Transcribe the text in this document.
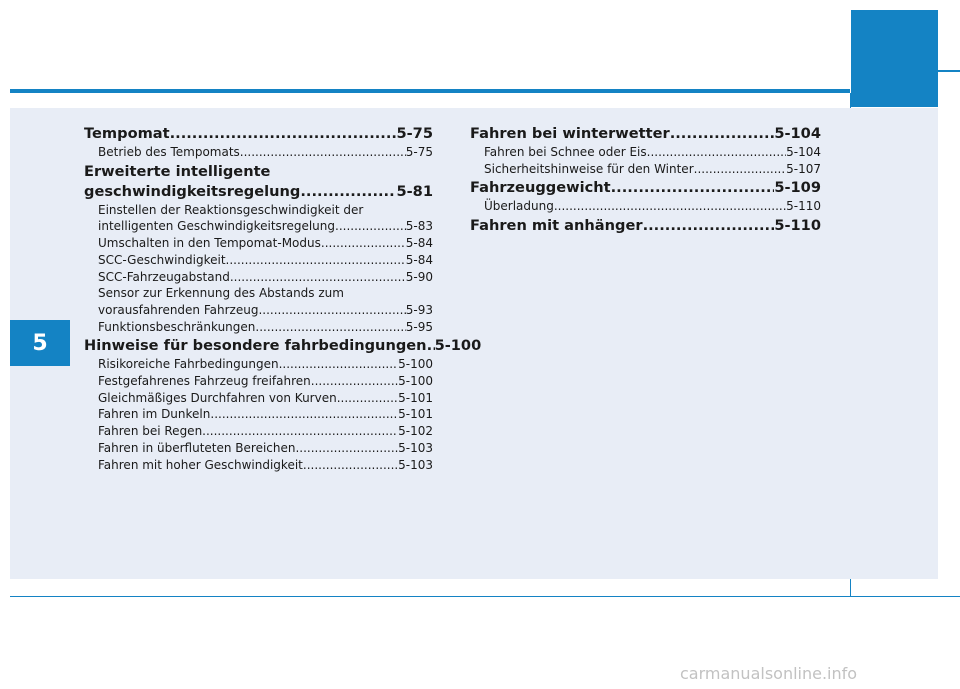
5
Tempomat .....	5-75
Betrieb des Tempomats .....	5-75
Erweiterte intelligente
geschwindigkeitsregelung .....	5-81
Einstellen der Reaktionsgeschwindigkeit der
intelligenten Geschwindigkeitsregelung .....	5-83
Umschalten in den Tempomat-Modus .....	5-84
SCC-Geschwindigkeit .....	5-84
SCC-Fahrzeugabstand .....	5-90
Sensor zur Erkennung des Abstands zum
vorausfahrenden Fahrzeug .....	5-93
Funktionsbeschränkungen .....	5-95
Hinweise für besondere fahrbedingungen ..... 5-100
Risikoreiche Fahrbedingungen .....	5-100
Festgefahrenes Fahrzeug freifahren .....	5-100
Gleichmäßiges Durchfahren von Kurven .....	5-101
Fahren im Dunkeln .....	5-101
Fahren bei Regen .....	5-102
Fahren in überfluteten Bereichen .....	5-103
Fahren mit hoher Geschwindigkeit .....	5-103
Fahren bei winterwetter .....	5-104
Fahren bei Schnee oder Eis .....	5-104
Sicherheitshinweise für den Winter .....	5-107
Fahrzeuggewicht .....	5-109
Überladung .....	5-110
Fahren mit anhänger .....	5-110
carmanualsonline.info
